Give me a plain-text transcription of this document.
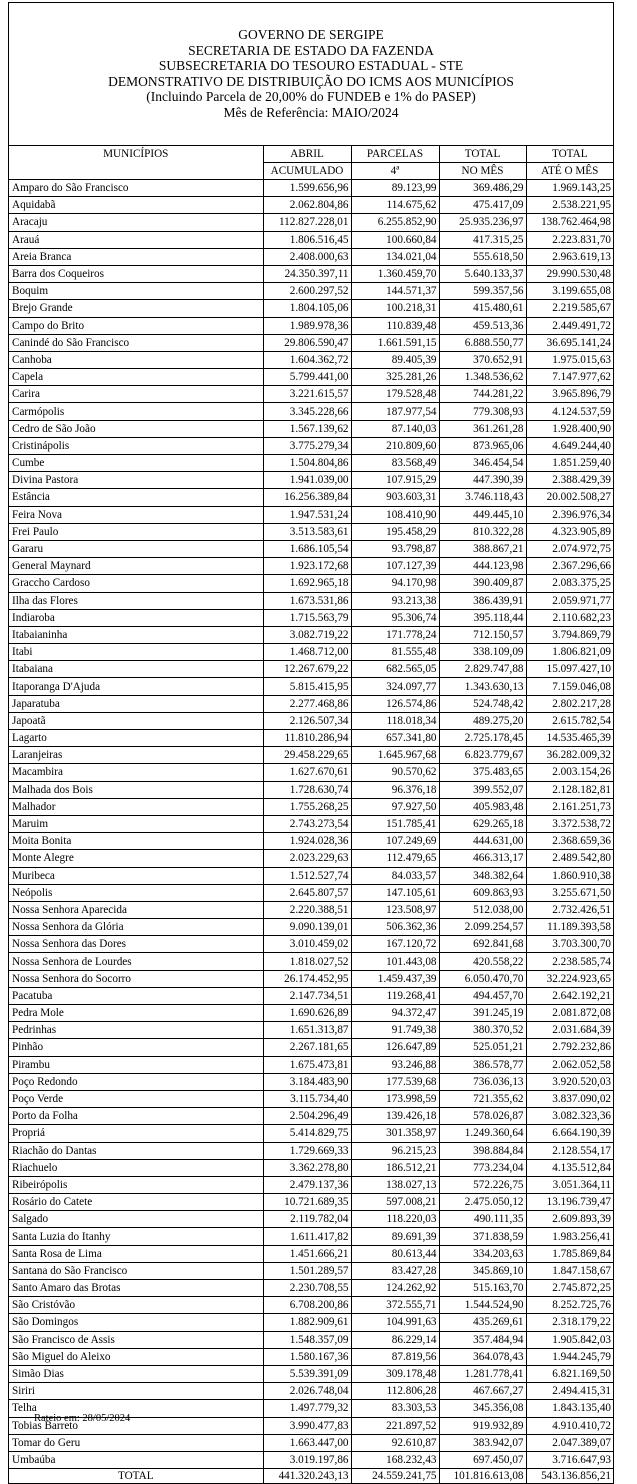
GOVERNO DE SERGIPE
SECRETARIA DE ESTADO DA FAZENDA
SUBSECRETARIA DO TESOURO ESTADUAL - STE
DEMONSTRATIVO DE DISTRIBUIÇÃO DO ICMS AOS MUNICÍPIOS
(Incluindo Parcela de 20,00% do FUNDEB e 1% do PASEP)
Mês de Referência: MAIO/2024
MUNICÍPIOS	ABRIL	PARCELAS	TOTAL	TOTAL
	ACUMULADO	4ª	NO MÊS	ATÉ O MÊS
Amparo do São Francisco	1.599.656,96	89.123,99	369.486,29	1.969.143,25
Aquidabã	2.062.804,86	114.675,62	475.417,09	2.538.221,95
Aracaju	112.827.228,01	6.255.852,90	25.935.236,97	138.762.464,98
Arauá	1.806.516,45	100.660,84	417.315,25	2.223.831,70
Areia Branca	2.408.000,63	134.021,04	555.618,50	2.963.619,13
Barra dos Coqueiros	24.350.397,11	1.360.459,70	5.640.133,37	29.990.530,48
Boquim	2.600.297,52	144.571,37	599.357,56	3.199.655,08
Brejo Grande	1.804.105,06	100.218,31	415.480,61	2.219.585,67
Campo do Brito	1.989.978,36	110.839,48	459.513,36	2.449.491,72
Canindé do São Francisco	29.806.590,47	1.661.591,15	6.888.550,77	36.695.141,24
Canhoba	1.604.362,72	89.405,39	370.652,91	1.975.015,63
Capela	5.799.441,00	325.281,26	1.348.536,62	7.147.977,62
Carira	3.221.615,57	179.528,48	744.281,22	3.965.896,79
Carmópolis	3.345.228,66	187.977,54	779.308,93	4.124.537,59
Cedro de São João	1.567.139,62	87.140,03	361.261,28	1.928.400,90
Cristinápolis	3.775.279,34	210.809,60	873.965,06	4.649.244,40
Cumbe	1.504.804,86	83.568,49	346.454,54	1.851.259,40
Divina Pastora	1.941.039,00	107.915,29	447.390,39	2.388.429,39
Estância	16.256.389,84	903.603,31	3.746.118,43	20.002.508,27
Feira Nova	1.947.531,24	108.410,90	449.445,10	2.396.976,34
Frei Paulo	3.513.583,61	195.458,29	810.322,28	4.323.905,89
Gararu	1.686.105,54	93.798,87	388.867,21	2.074.972,75
General Maynard	1.923.172,68	107.127,39	444.123,98	2.367.296,66
Graccho Cardoso	1.692.965,18	94.170,98	390.409,87	2.083.375,25
Ilha das Flores	1.673.531,86	93.213,38	386.439,91	2.059.971,77
Indiaroba	1.715.563,79	95.306,74	395.118,44	2.110.682,23
Itabaianinha	3.082.719,22	171.778,24	712.150,57	3.794.869,79
Itabi	1.468.712,00	81.555,48	338.109,09	1.806.821,09
Itabaiana	12.267.679,22	682.565,05	2.829.747,88	15.097.427,10
Itaporanga D'Ajuda	5.815.415,95	324.097,77	1.343.630,13	7.159.046,08
Japaratuba	2.277.468,86	126.574,86	524.748,42	2.802.217,28
Japoatã	2.126.507,34	118.018,34	489.275,20	2.615.782,54
Lagarto	11.810.286,94	657.341,80	2.725.178,45	14.535.465,39
Laranjeiras	29.458.229,65	1.645.967,68	6.823.779,67	36.282.009,32
Macambira	1.627.670,61	90.570,62	375.483,65	2.003.154,26
Malhada dos Bois	1.728.630,74	96.376,18	399.552,07	2.128.182,81
Malhador	1.755.268,25	97.927,50	405.983,48	2.161.251,73
Maruim	2.743.273,54	151.785,41	629.265,18	3.372.538,72
Moita Bonita	1.924.028,36	107.249,69	444.631,00	2.368.659,36
Monte Alegre	2.023.229,63	112.479,65	466.313,17	2.489.542,80
Muribeca	1.512.527,74	84.033,57	348.382,64	1.860.910,38
Neópolis	2.645.807,57	147.105,61	609.863,93	3.255.671,50
Nossa Senhora Aparecida	2.220.388,51	123.508,97	512.038,00	2.732.426,51
Nossa Senhora da Glória	9.090.139,01	506.362,36	2.099.254,57	11.189.393,58
Nossa Senhora das Dores	3.010.459,02	167.120,72	692.841,68	3.703.300,70
Nossa Senhora de Lourdes	1.818.027,52	101.443,08	420.558,22	2.238.585,74
Nossa Senhora do Socorro	26.174.452,95	1.459.437,39	6.050.470,70	32.224.923,65
Pacatuba	2.147.734,51	119.268,41	494.457,70	2.642.192,21
Pedra Mole	1.690.626,89	94.372,47	391.245,19	2.081.872,08
Pedrinhas	1.651.313,87	91.749,38	380.370,52	2.031.684,39
Pinhão	2.267.181,65	126.647,89	525.051,21	2.792.232,86
Pirambu	1.675.473,81	93.246,88	386.578,77	2.062.052,58
Poço Redondo	3.184.483,90	177.539,68	736.036,13	3.920.520,03
Poço Verde	3.115.734,40	173.998,59	721.355,62	3.837.090,02
Porto da Folha	2.504.296,49	139.426,18	578.026,87	3.082.323,36
Propriá	5.414.829,75	301.358,97	1.249.360,64	6.664.190,39
Riachão do Dantas	1.729.669,33	96.215,23	398.884,84	2.128.554,17
Riachuelo	3.362.278,80	186.512,21	773.234,04	4.135.512,84
Ribeirópolis	2.479.137,36	138.027,13	572.226,75	3.051.364,11
Rosário do Catete	10.721.689,35	597.008,21	2.475.050,12	13.196.739,47
Salgado	2.119.782,04	118.220,03	490.111,35	2.609.893,39
Santa Luzia do Itanhy	1.611.417,82	89.691,39	371.838,59	1.983.256,41
Santa Rosa de Lima	1.451.666,21	80.613,44	334.203,63	1.785.869,84
Santana do São Francisco	1.501.289,57	83.427,28	345.869,10	1.847.158,67
Santo Amaro das Brotas	2.230.708,55	124.262,92	515.163,70	2.745.872,25
São Cristóvão	6.708.200,86	372.555,71	1.544.524,90	8.252.725,76
São Domingos	1.882.909,61	104.991,63	435.269,61	2.318.179,22
São Francisco de Assis	1.548.357,09	86.229,14	357.484,94	1.905.842,03
São Miguel do Aleixo	1.580.167,36	87.819,56	364.078,43	1.944.245,79
Simão Dias	5.539.391,09	309.178,48	1.281.778,41	6.821.169,50
Siriri	2.026.748,04	112.806,28	467.667,27	2.494.415,31
Telha	1.497.779,32	83.303,53	345.356,08	1.843.135,40
Tobias Barreto	3.990.477,83	221.897,52	919.932,89	4.910.410,72
Tomar do Geru	1.663.447,00	92.610,87	383.942,07	2.047.389,07
Umbaúba	3.019.197,86	168.232,43	697.450,07	3.716.647,93
TOTAL	441.320.243,13	24.559.241,75	101.816.613,08	543.136.856,21
Rateio em: 28/05/2024
